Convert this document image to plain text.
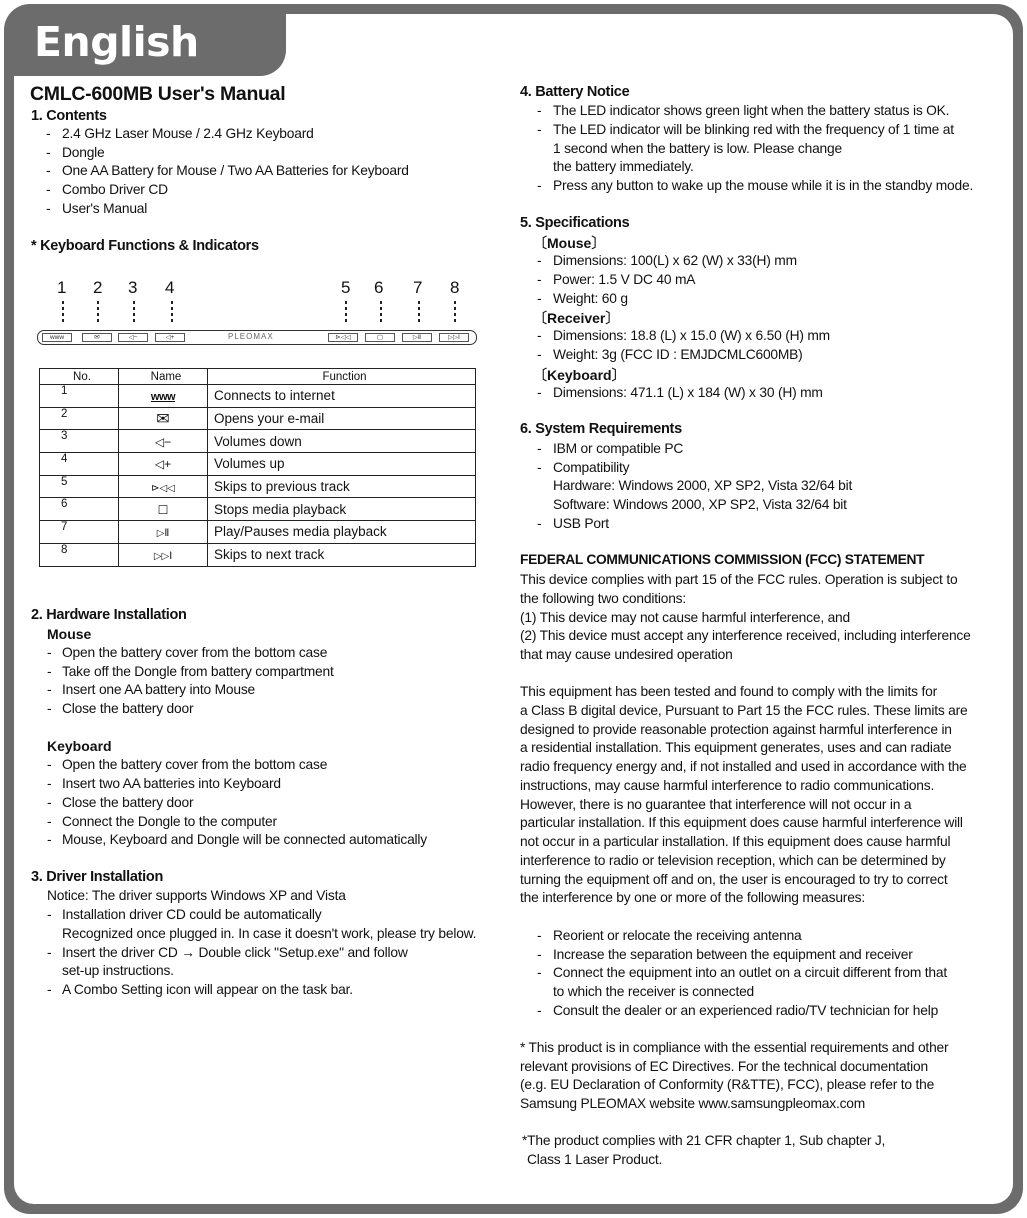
English
CMLC-600MB User's Manual
1. Contents
- 2.4 GHz Laser Mouse / 2.4 GHz Keyboard
- Dongle
- One AA Battery for Mouse / Two AA Batteries for Keyboard
- Combo Driver CD
- User's Manual
* Keyboard Functions & Indicators
1 2 3 4	5 6 7 8
www	✉	◁−	◁+	PLEOMAX	⊳◁◁	▢	▷Ⅱ	▷▷Ⅰ
No.	Name	Function
1	www	Connects to internet
2	✉	Opens your e-mail
3	◁−	Volumes down
4	◁+	Volumes up
5	⊳◁◁	Skips to previous track
6	☐	Stops media playback
7	▷Ⅱ	Play/Pauses media playback
8	▷▷Ⅰ	Skips to next track
2. Hardware Installation
Mouse
- Open the battery cover from the bottom case
- Take off the Dongle from battery compartment
- Insert one AA battery into Mouse
- Close the battery door
Keyboard
- Open the battery cover from the bottom case
- Insert two AA batteries into Keyboard
- Close the battery door
- Connect the Dongle to the computer
- Mouse, Keyboard and Dongle will be connected automatically
3. Driver Installation
Notice: The driver supports Windows XP and Vista
- Installation driver CD could be automatically
Recognized once plugged in. In case it doesn't work, please try below.
- Insert the driver CD → Double click "Setup.exe" and follow
set-up instructions.
- A Combo Setting icon will appear on the task bar.
4. Battery Notice
- The LED indicator shows green light when the battery status is OK.
- The LED indicator will be blinking red with the frequency of 1 time at
1 second when the battery is low. Please change
the battery immediately.
- Press any button to wake up the mouse while it is in the standby mode.
5. Specifications
〔Mouse〕
- Dimensions: 100(L) x 62 (W) x 33(H) mm
- Power: 1.5 V DC 40 mA
- Weight: 60 g
〔Receiver〕
- Dimensions: 18.8 (L) x 15.0 (W) x 6.50 (H) mm
- Weight: 3g (FCC ID : EMJDCMLC600MB)
〔Keyboard〕
- Dimensions: 471.1 (L) x 184 (W) x 30 (H) mm
6. System Requirements
- IBM or compatible PC
- Compatibility
Hardware: Windows 2000, XP SP2, Vista 32/64 bit
Software: Windows 2000, XP SP2, Vista 32/64 bit
- USB Port
FEDERAL COMMUNICATIONS COMMISSION (FCC) STATEMENT
This device complies with part 15 of the FCC rules. Operation is subject to
the following two conditions:
(1) This device may not cause harmful interference, and
(2) This device must accept any interference received, including interference
that may cause undesired operation
This equipment has been tested and found to comply with the limits for
a Class B digital device, Pursuant to Part 15 the FCC rules. These limits are
designed to provide reasonable protection against harmful interference in
a residential installation. This equipment generates, uses and can radiate
radio frequency energy and, if not installed and used in accordance with the
instructions, may cause harmful interference to radio communications.
However, there is no guarantee that interference will not occur in a
particular installation. If this equipment does cause harmful interference will
not occur in a particular installation. If this equipment does cause harmful
interference to radio or television reception, which can be determined by
turning the equipment off and on, the user is encouraged to try to correct
the interference by one or more of the following measures:
- Reorient or relocate the receiving antenna
- Increase the separation between the equipment and receiver
- Connect the equipment into an outlet on a circuit different from that
to which the receiver is connected
- Consult the dealer or an experienced radio/TV technician for help
* This product is in compliance with the essential requirements and other
relevant provisions of EC Directives. For the technical documentation
(e.g. EU Declaration of Conformity (R&TTE), FCC), please refer to the
Samsung PLEOMAX website www.samsungpleomax.com
*The product complies with 21 CFR chapter 1, Sub chapter J,
Class 1 Laser Product.
